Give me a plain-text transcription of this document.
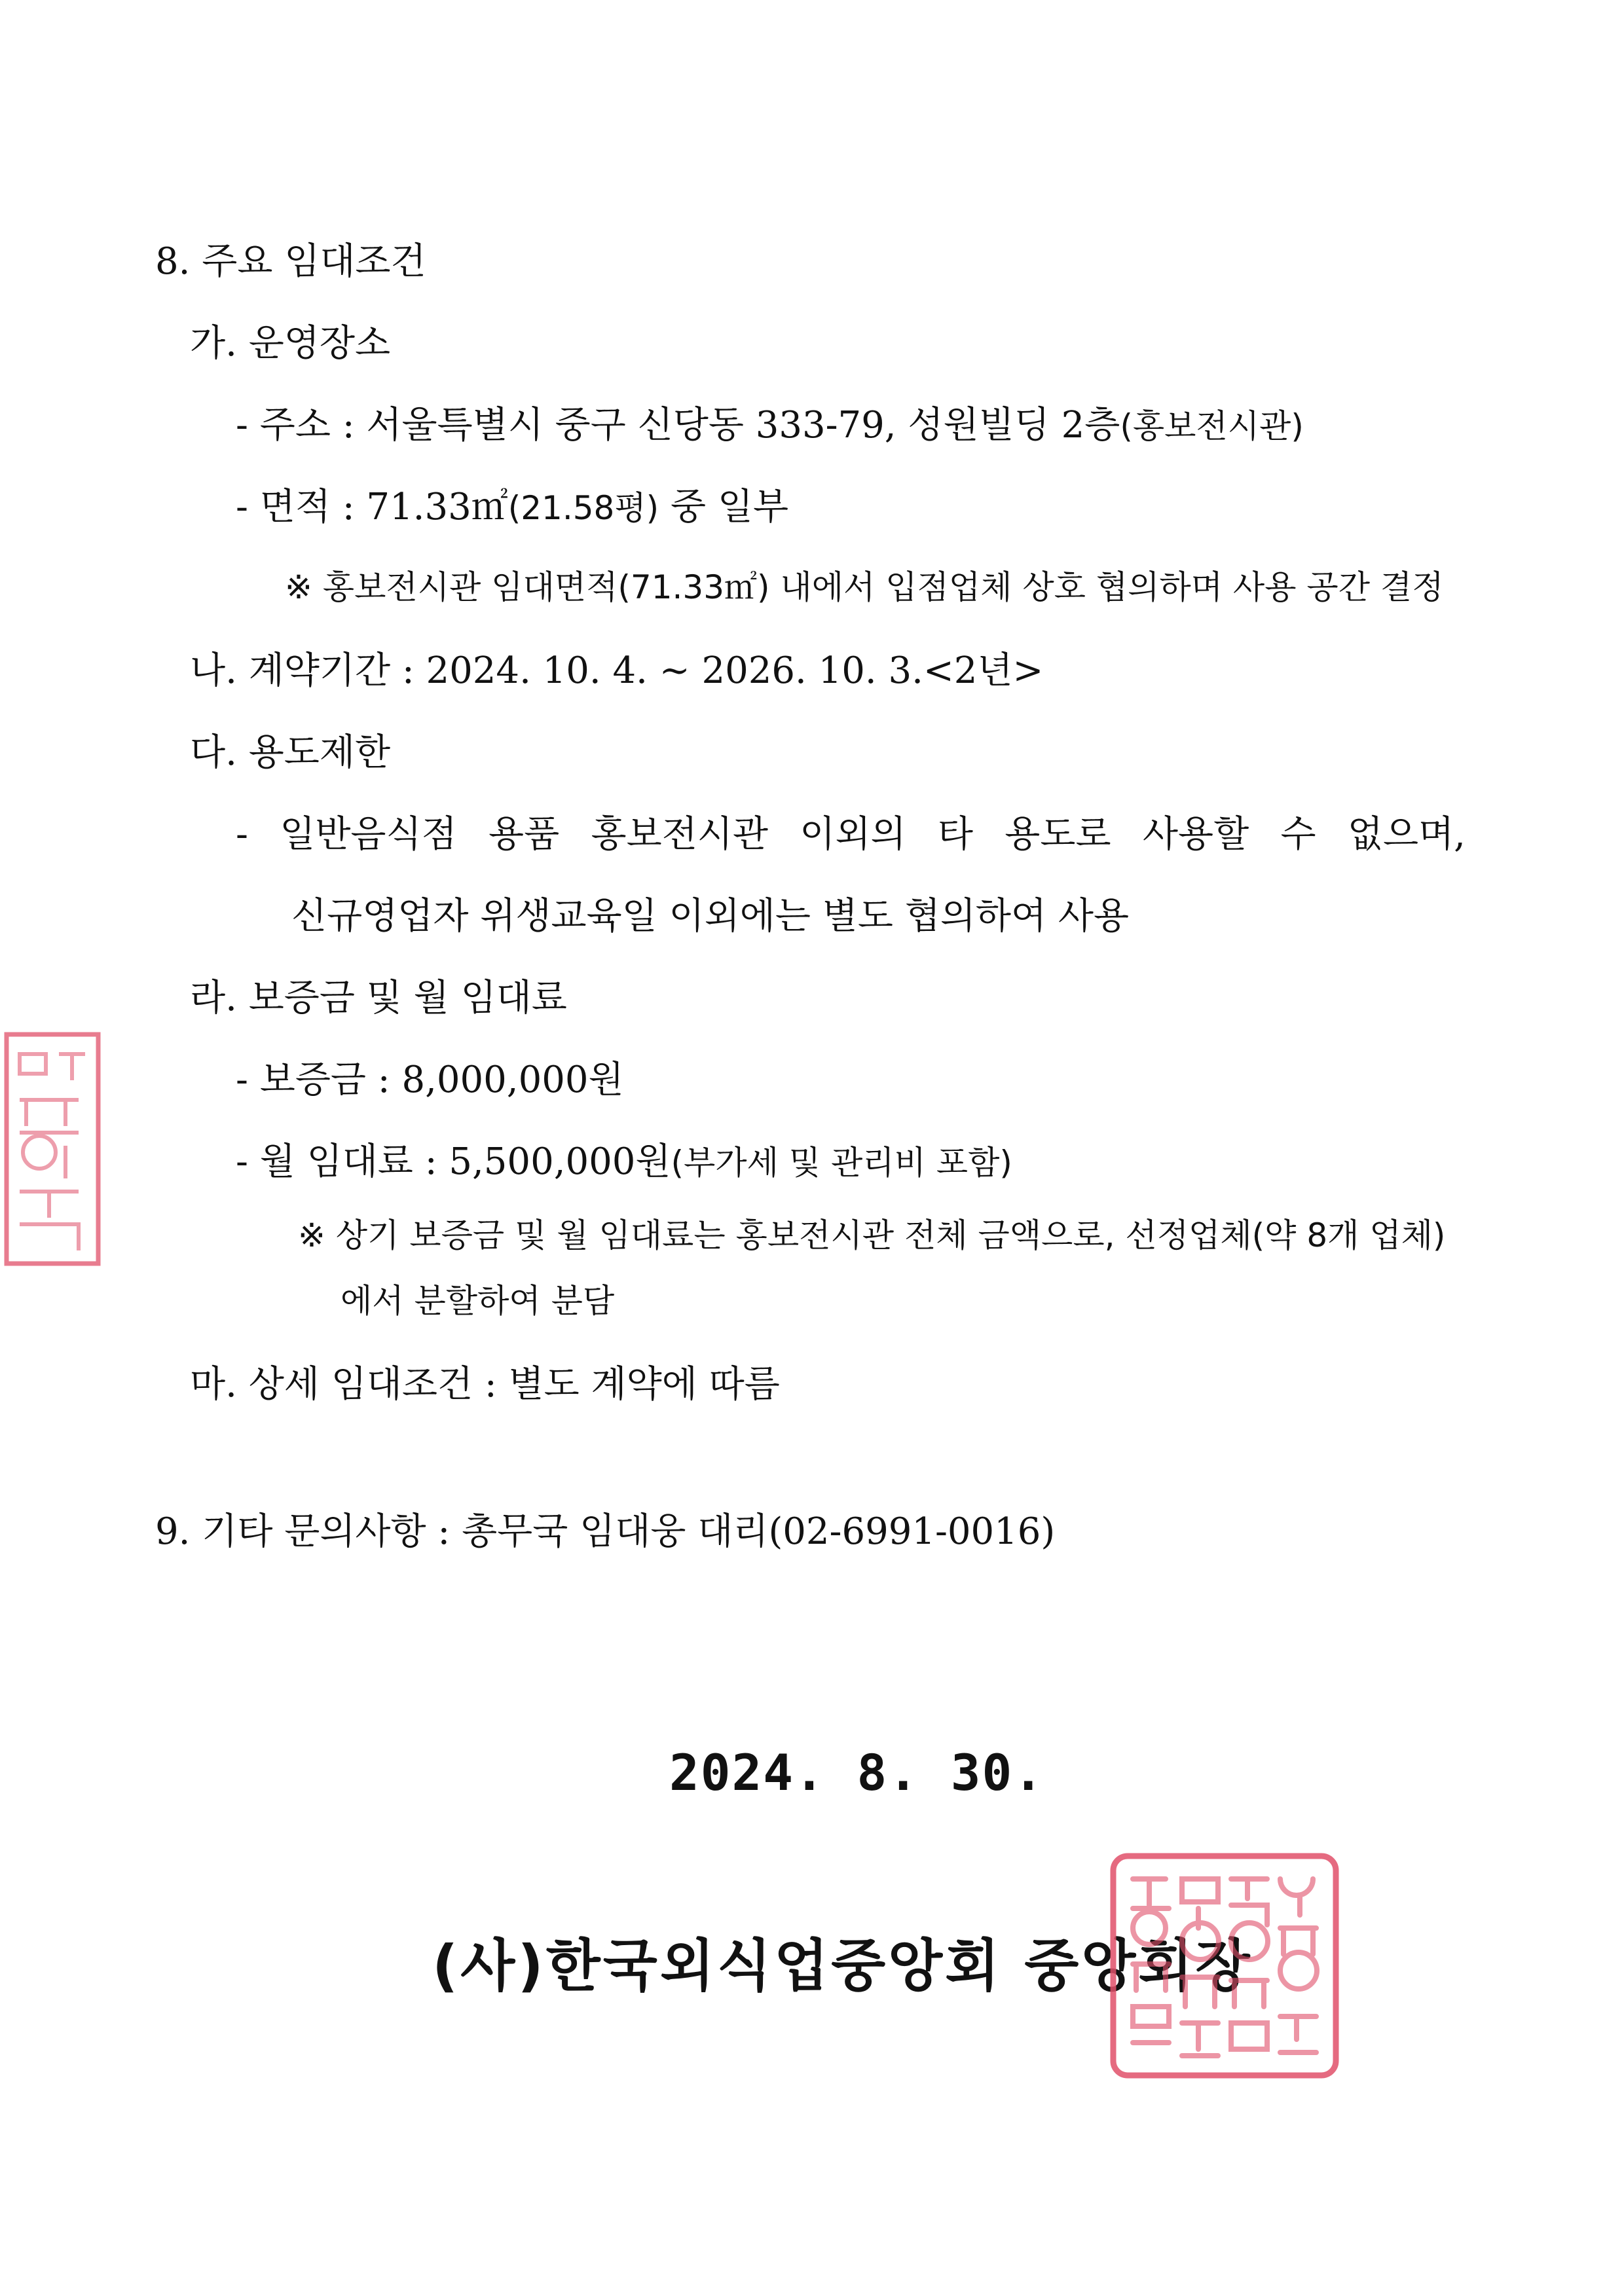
8. 주요 임대조건
가. 운영장소
- 주소 : 서울특별시 중구 신당동 333-79, 성원빌딩 2층(홍보전시관)
- 면적 : 71.33㎡(21.58평) 중 일부
※ 홍보전시관 임대면적(71.33㎡) 내에서 입점업체 상호 협의하며 사용 공간 결정
나. 계약기간 : 2024. 10. 4. ~ 2026. 10. 3.<2년>
다. 용도제한
- 일반음식점 용품 홍보전시관 이외의 타 용도로 사용할 수 없으며,
신규영업자 위생교육일 이외에는 별도 협의하여 사용
라. 보증금 및 월 임대료
- 보증금 : 8,000,000원
- 월 임대료 : 5,500,000원(부가세 및 관리비 포함)
※ 상기 보증금 및 월 임대료는 홍보전시관 전체 금액으로, 선정업체(약 8개 업체)
에서 분할하여 분담
마. 상세 임대조건 : 별도 계약에 따름
9. 기타 문의사항 : 총무국 임대웅 대리(02-6991-0016)
2024. 8. 30.
(사)한국외식업중앙회 중앙회장
